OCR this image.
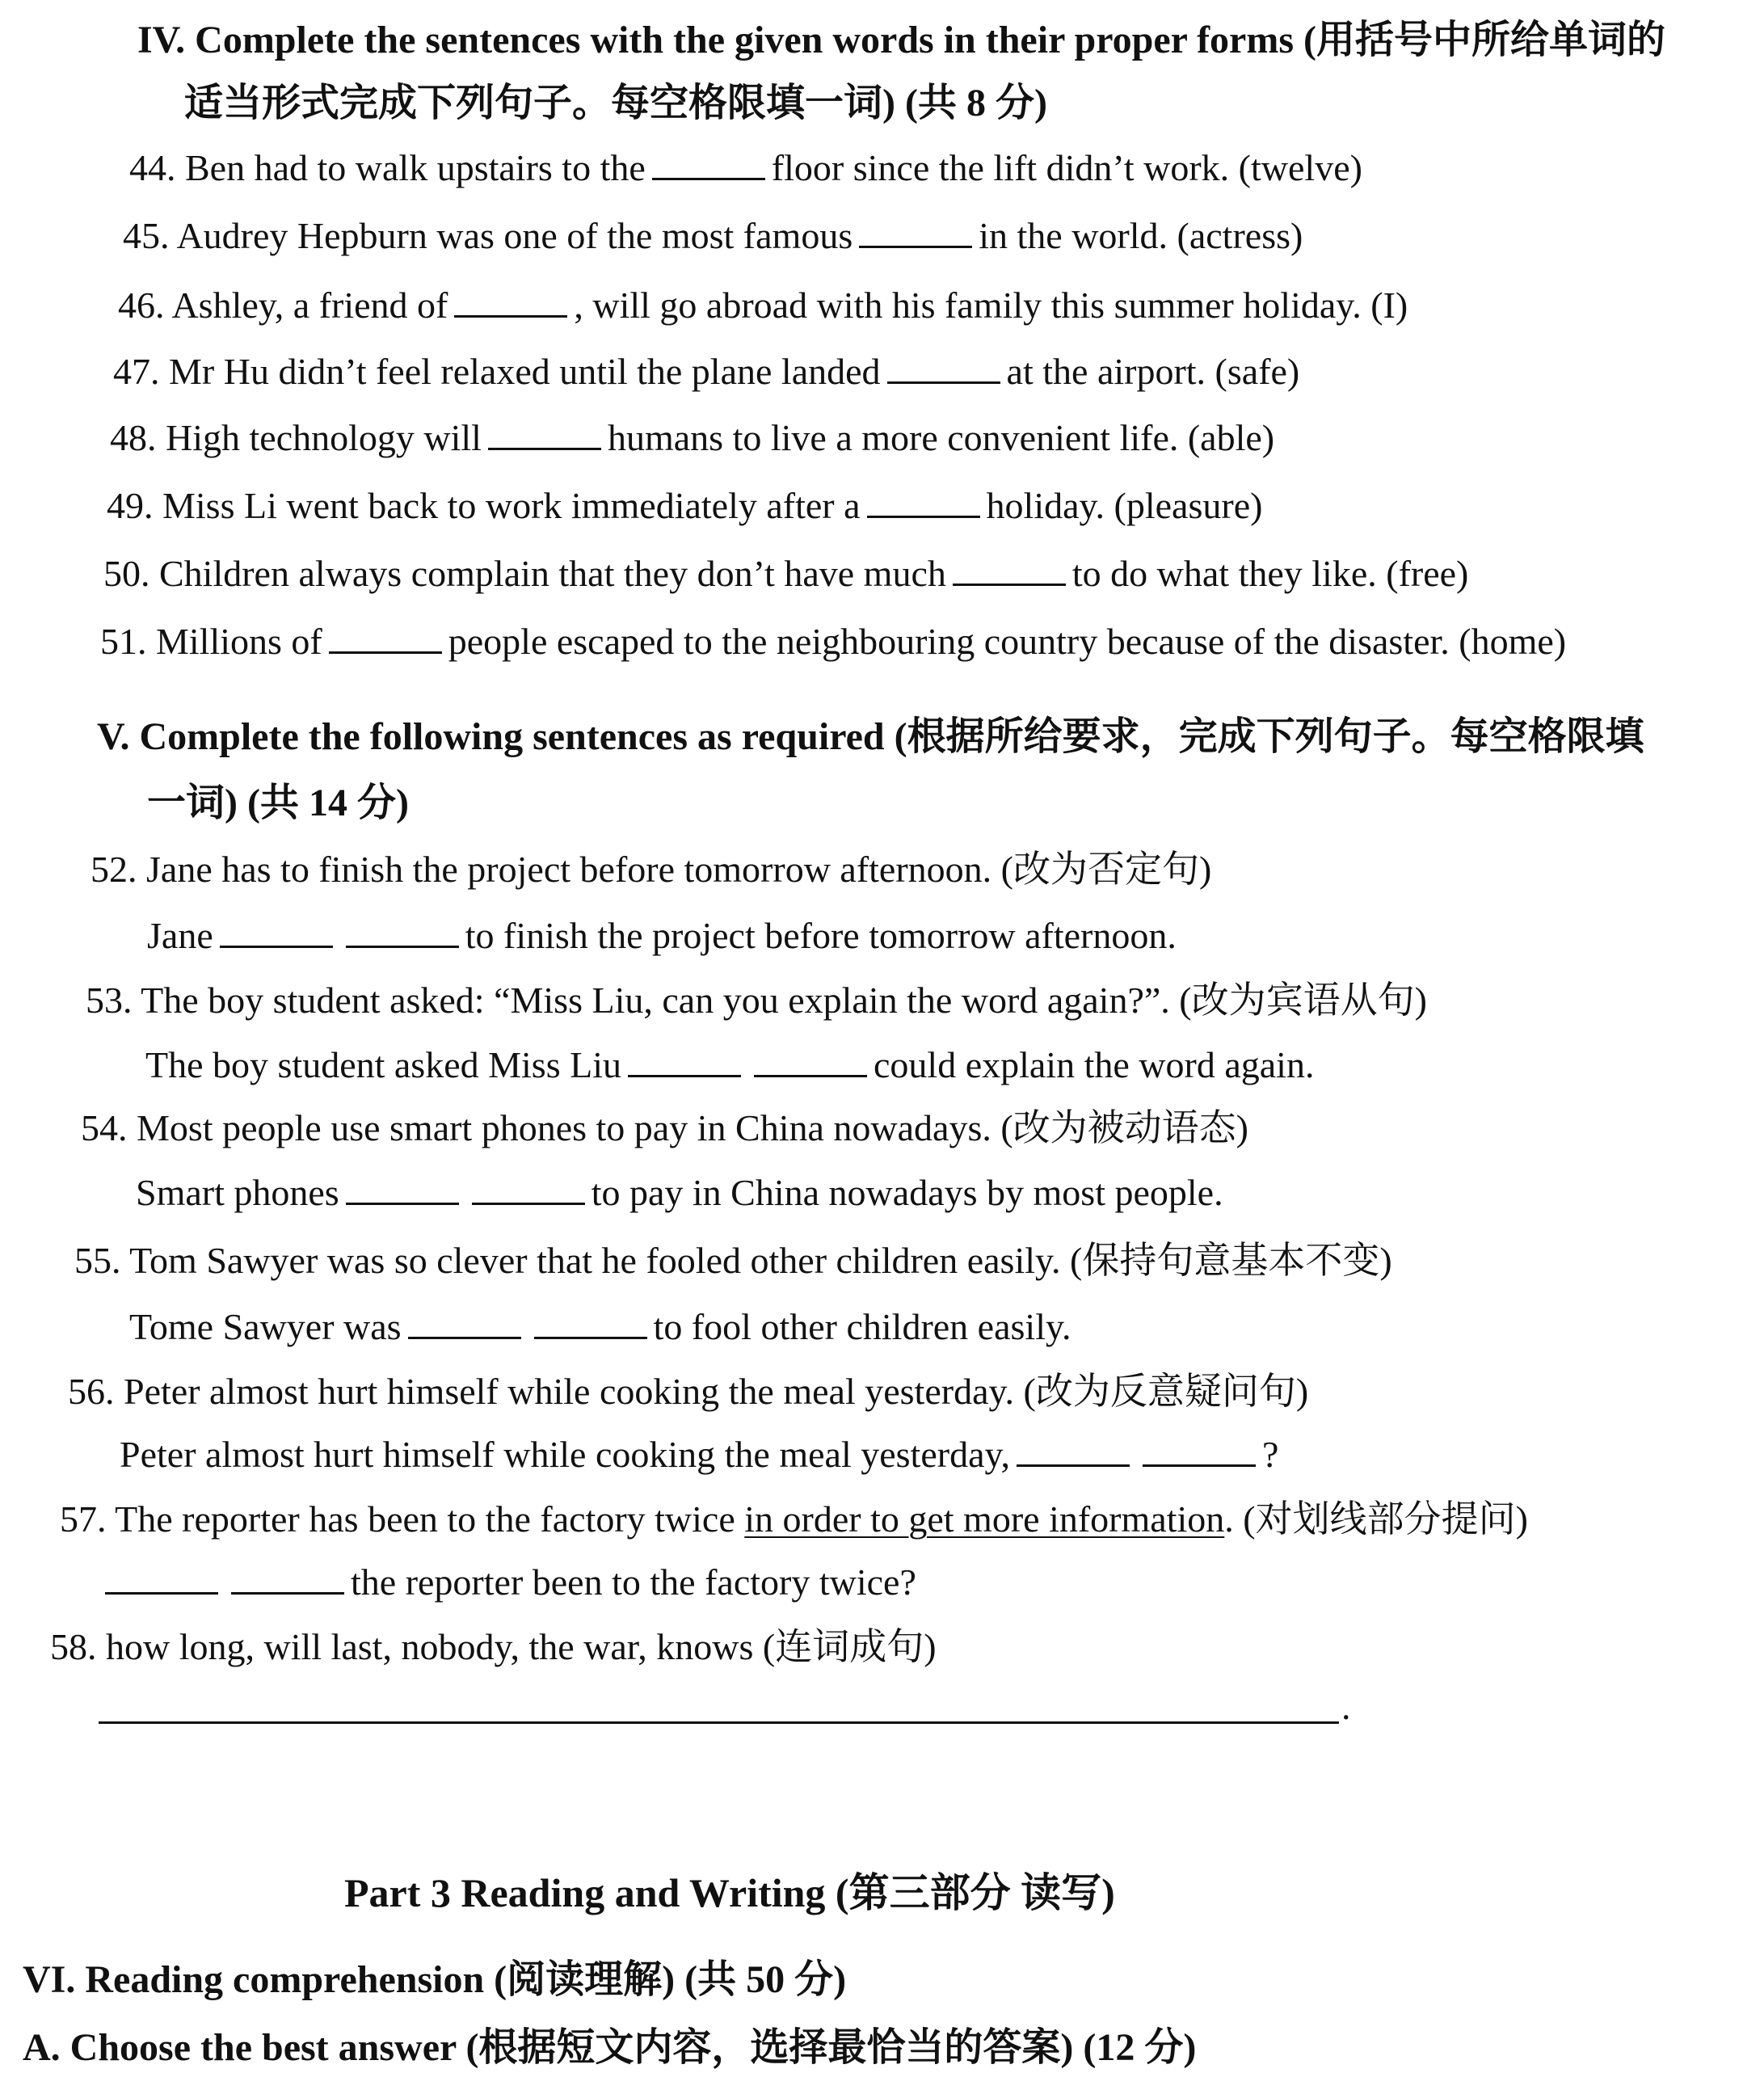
IV. Complete the sentences with the given words in their proper forms (用括号中所给单词的
适当形式完成下列句子。每空格限填一词) (共 8 分)
44. Ben had to walk upstairs to the	floor since the lift didn’t work. (twelve)
45. Audrey Hepburn was one of the most famous	in the world. (actress)
46. Ashley, a friend of	, will go abroad with his family this summer holiday. (I)
47. Mr Hu didn’t feel relaxed until the plane landed	at the airport. (safe)
48. High technology will	humans to live a more convenient life. (able)
49. Miss Li went back to work immediately after a	holiday. (pleasure)
50. Children always complain that they don’t have much	to do what they like. (free)
51. Millions of	people escaped to the neighbouring country because of the disaster. (home)
V. Complete the following sentences as required (根据所给要求，完成下列句子。每空格限填
一词) (共 14 分)
52. Jane has to finish the project before tomorrow afternoon. (改为否定句)
Jane	to finish the project before tomorrow afternoon.
53. The boy student asked: “Miss Liu, can you explain the word again?”. (改为宾语从句)
The boy student asked Miss Liu	could explain the word again.
54. Most people use smart phones to pay in China nowadays. (改为被动语态)
Smart phones	to pay in China nowadays by most people.
55. Tom Sawyer was so clever that he fooled other children easily. (保持句意基本不变)
Tome Sawyer was	to fool other children easily.
56. Peter almost hurt himself while cooking the meal yesterday. (改为反意疑问句)
Peter almost hurt himself while cooking the meal yesterday,	?
57. The reporter has been to the factory twice in order to get more information. (对划线部分提问)
the reporter been to the factory twice?
58. how long, will last, nobody, the war, knows (连词成句)
.
Part 3 Reading and Writing (第三部分 读写)
VI. Reading comprehension (阅读理解) (共 50 分)
A. Choose the best answer (根据短文内容，选择最恰当的答案) (12 分)
